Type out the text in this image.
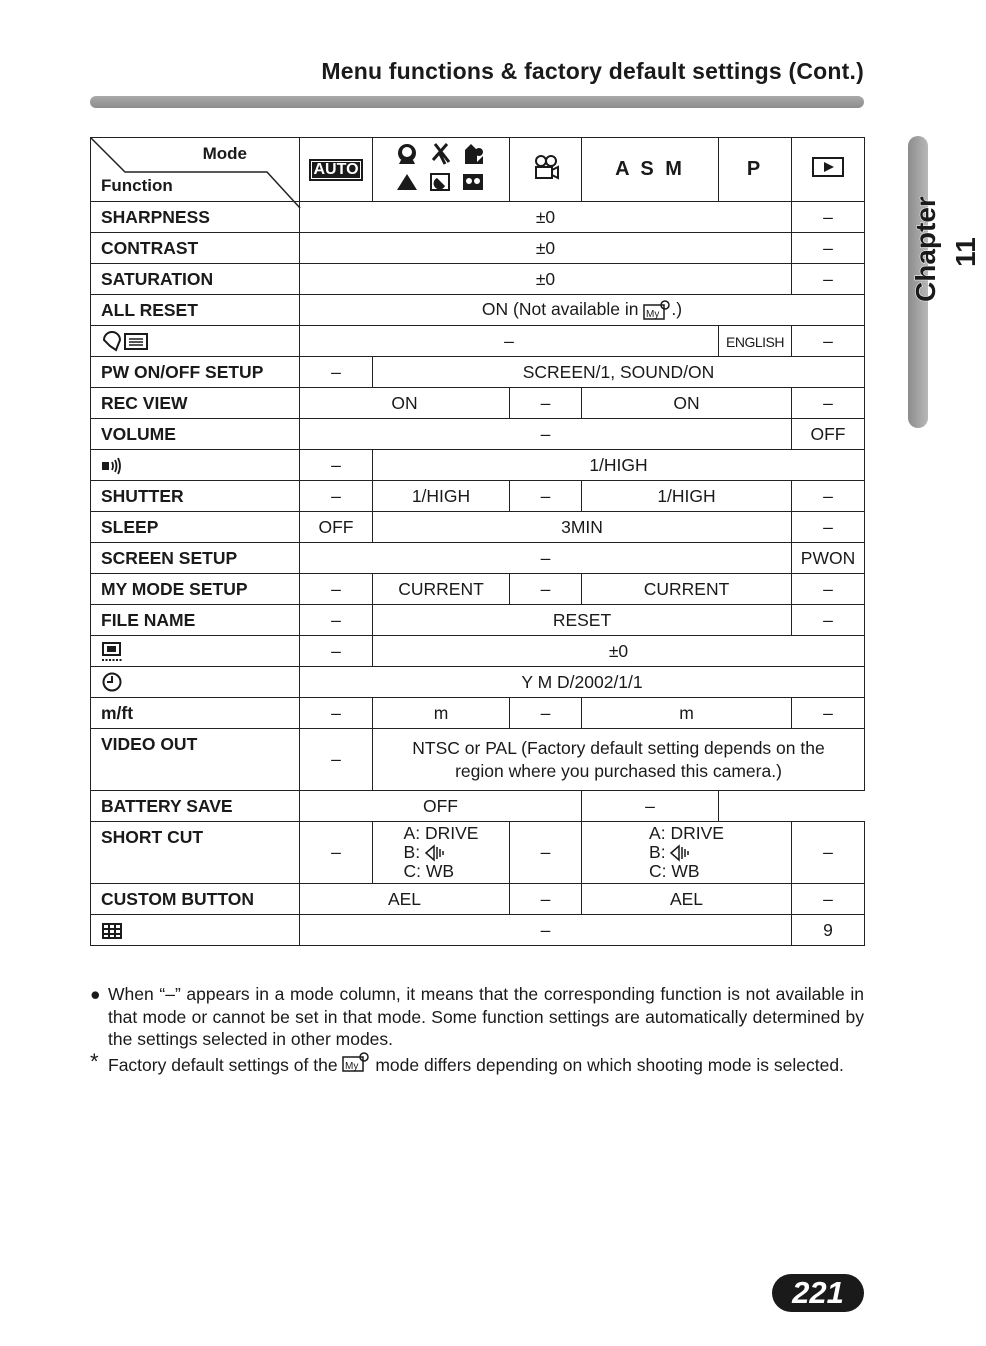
Menu functions & factory default settings (Cont.)
Chapter 11
Mode
Function	AUTO			A S M	P	
SHARPNESS	±0					–
CONTRAST	±0					–
SATURATION	±0					–
ALL RESET	ON (Not available in My .)					
	–				ENGLISH	–
PW ON/OFF SETUP	–	SCREEN/1, SOUND/ON				
REC VIEW	ON		–	ON		–
VOLUME	–					OFF
	–	1/HIGH				
SHUTTER	–	1/HIGH	–	1/HIGH		–
SLEEP	OFF	3MIN				–
SCREEN SETUP	–					PWON
MY MODE SETUP	–	CURRENT	–	CURRENT		–
FILE NAME	–	RESET				–
	–	±0				
	Y M D/2002/1/1					
m/ft	–	m	–	m		–
VIDEO OUT	–	NTSC or PAL (Factory default setting depends on the
region where you purchased this camera.)				
BATTERY SAVE	OFF			–		
SHORT CUT	–	A: DRIVE
B:
C: WB	–	A: DRIVE
B:
C: WB		–
CUSTOM BUTTON	AEL		–	AEL		–
	–					9
● When “–” appears in a mode column, it means that the corresponding function is not available in that mode or cannot be set in that mode. Some function settings are automatically determined by the settings selected in other modes.
* Factory default settings of the My mode differs depending on which shooting mode is selected.
221
